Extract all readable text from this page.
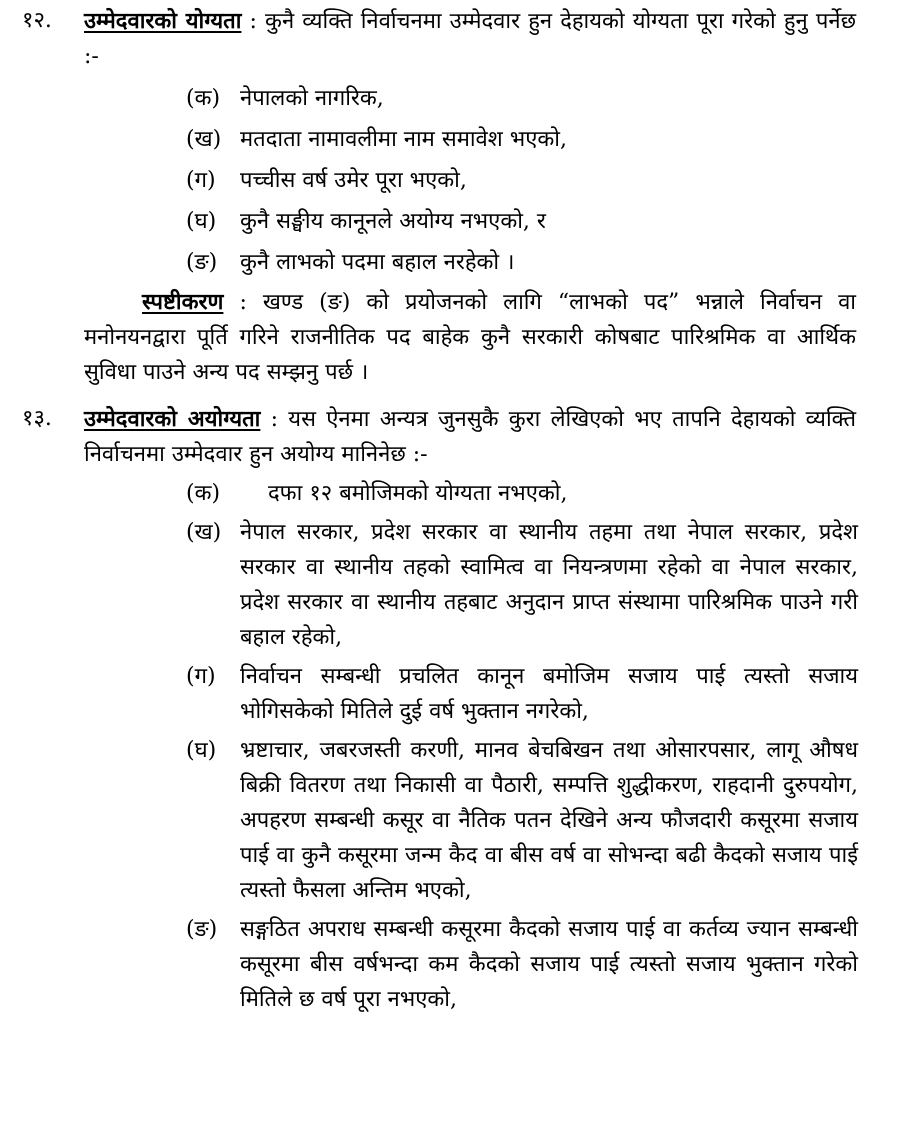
१२. उम्मेदवारको योग्यता : कुनै व्यक्ति निर्वाचनमा उम्मेदवार हुन देहायको योग्यता पूरा गरेको हुनु पर्नेछ :-
(क) नेपालको नागरिक,
(ख) मतदाता नामावलीमा नाम समावेश भएको,
(ग) पच्चीस वर्ष उमेर पूरा भएको,
(घ) कुनै सङ्घीय कानूनले अयोग्य नभएको, र
(ङ) कुनै लाभको पदमा बहाल नरहेको ।
स्पष्टीकरण : खण्ड (ङ) को प्रयोजनको लागि “लाभको पद” भन्नाले निर्वाचन वा मनोनयनद्वारा पूर्ति गरिने राजनीतिक पद बाहेक कुनै सरकारी कोषबाट पारिश्रमिक वा आर्थिक सुविधा पाउने अन्य पद सम्झनु पर्छ ।
१३. उम्मेदवारको अयोग्यता : यस ऐनमा अन्यत्र जुनसुकै कुरा लेखिएको भए तापनि देहायको व्यक्ति निर्वाचनमा उम्मेदवार हुन अयोग्य मानिनेछ :-
(क) दफा १२ बमोजिमको योग्यता नभएको,
(ख) नेपाल सरकार, प्रदेश सरकार वा स्थानीय तहमा तथा नेपाल सरकार, प्रदेश सरकार वा स्थानीय तहको स्वामित्व वा नियन्त्रणमा रहेको वा नेपाल सरकार, प्रदेश सरकार वा स्थानीय तहबाट अनुदान प्राप्त संस्थामा पारिश्रमिक पाउने गरी बहाल रहेको,
(ग) निर्वाचन सम्बन्धी प्रचलित कानून बमोजिम सजाय पाई त्यस्तो सजाय भोगिसकेको मितिले दुई वर्ष भुक्तान नगरेको,
(घ) भ्रष्टाचार, जबरजस्ती करणी, मानव बेचबिखन तथा ओसारपसार, लागू औषध बिक्री वितरण तथा निकासी वा पैठारी, सम्पत्ति शुद्धीकरण, राहदानी दुरुपयोग, अपहरण सम्बन्धी कसूर वा नैतिक पतन देखिने अन्य फौजदारी कसूरमा सजाय पाई वा कुनै कसूरमा जन्म कैद वा बीस वर्ष वा सोभन्दा बढी कैदको सजाय पाई त्यस्तो फैसला अन्तिम भएको,
(ङ) सङ्गठित अपराध सम्बन्धी कसूरमा कैदको सजाय पाई वा कर्तव्य ज्यान सम्बन्धी कसूरमा बीस वर्षभन्दा कम कैदको सजाय पाई त्यस्तो सजाय भुक्तान गरेको मितिले छ वर्ष पूरा नभएको,
